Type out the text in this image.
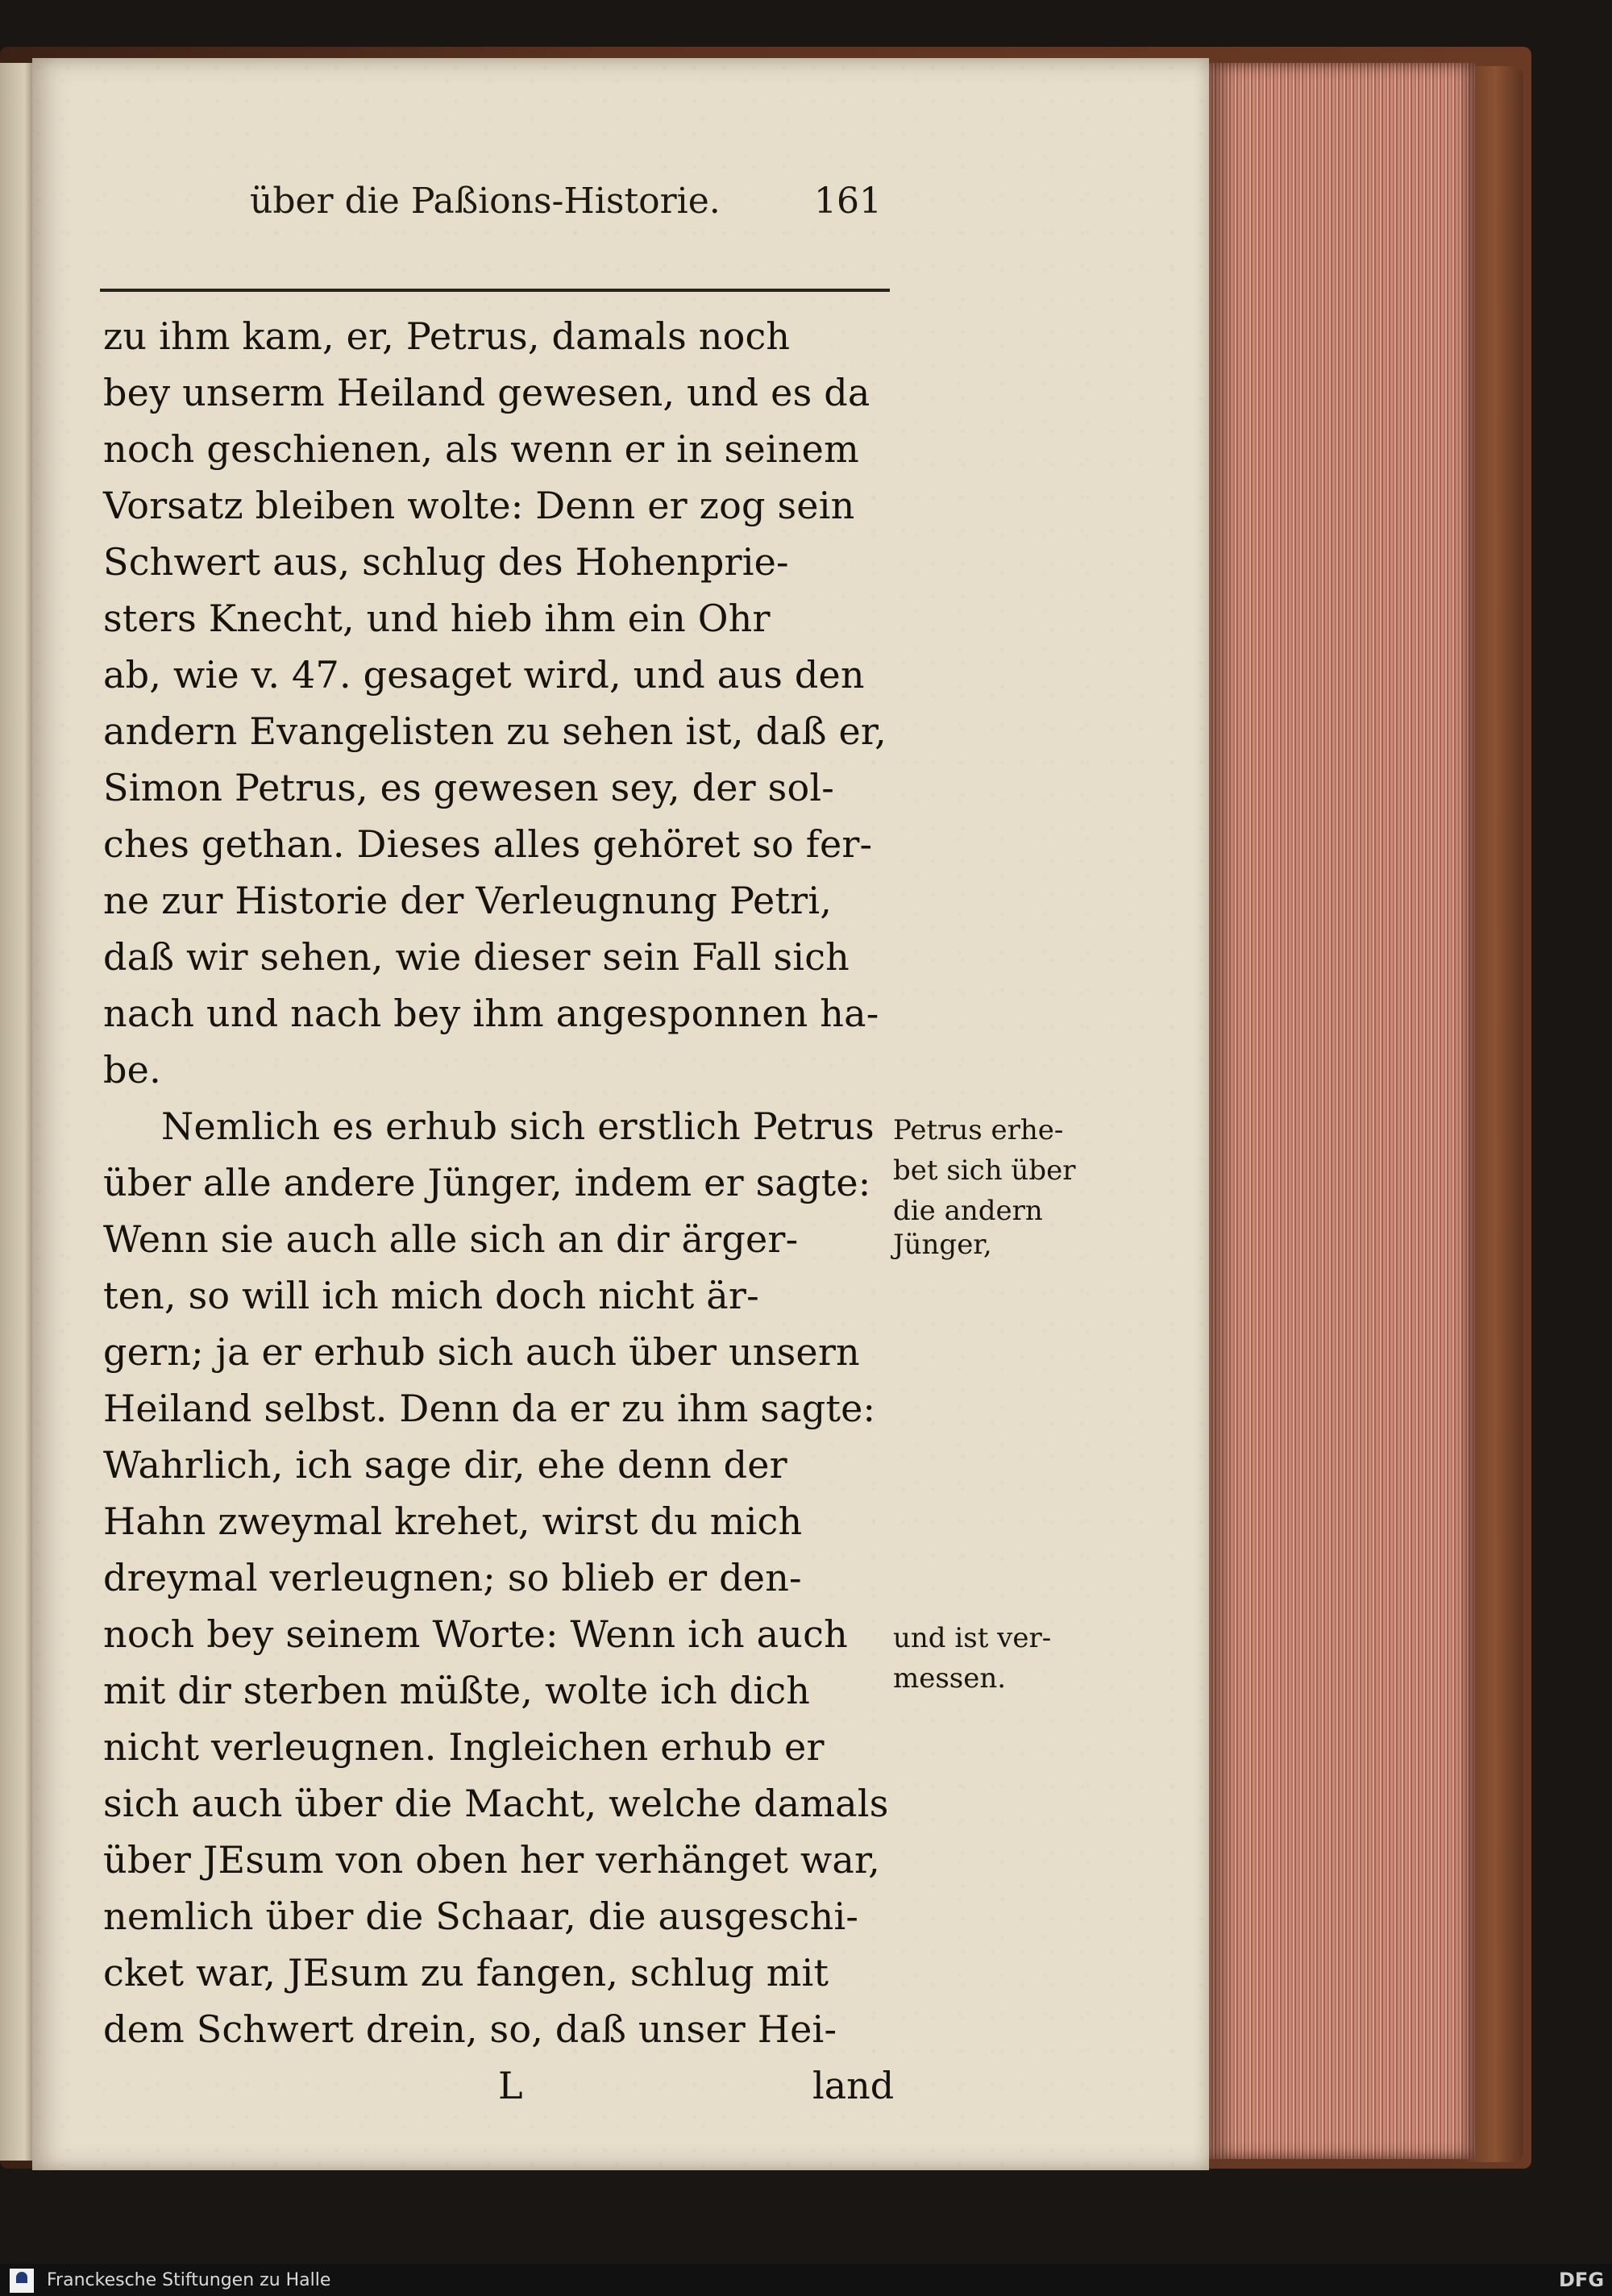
über die Paßions-Historie.	161
zu ihm kam, er, Petrus, damals noch
bey unserm Heiland gewesen, und es da
noch geschienen, als wenn er in seinem
Vorsatz bleiben wolte: Denn er zog sein
Schwert aus, schlug des Hohenprie-
sters Knecht, und hieb ihm ein Ohr
ab, wie v. 47. gesaget wird, und aus den
andern Evangelisten zu sehen ist, daß er,
Simon Petrus, es gewesen sey, der sol-
ches gethan. Dieses alles gehöret so fer-
ne zur Historie der Verleugnung Petri,
daß wir sehen, wie dieser sein Fall sich
nach und nach bey ihm angesponnen ha-
be.
Nemlich es erhub sich erstlich Petrus
über alle andere Jünger, indem er sagte:
Wenn sie auch alle sich an dir ärger-
ten, so will ich mich doch nicht är-
gern; ja er erhub sich auch über unsern
Heiland selbst. Denn da er zu ihm sagte:
Wahrlich, ich sage dir, ehe denn der
Hahn zweymal krehet, wirst du mich
dreymal verleugnen; so blieb er den-
noch bey seinem Worte: Wenn ich auch
mit dir sterben müßte, wolte ich dich
nicht verleugnen. Ingleichen erhub er
sich auch über die Macht, welche damals
über JEsum von oben her verhänget war,
nemlich über die Schaar, die ausgeschi-
cket war, JEsum zu fangen, schlug mit
dem Schwert drein, so, daß unser Hei-
L	land
Petrus erhe-
bet sich über
die andern
Jünger,
und ist ver-
messen.
Franckesche Stiftungen zu Halle	DFG
